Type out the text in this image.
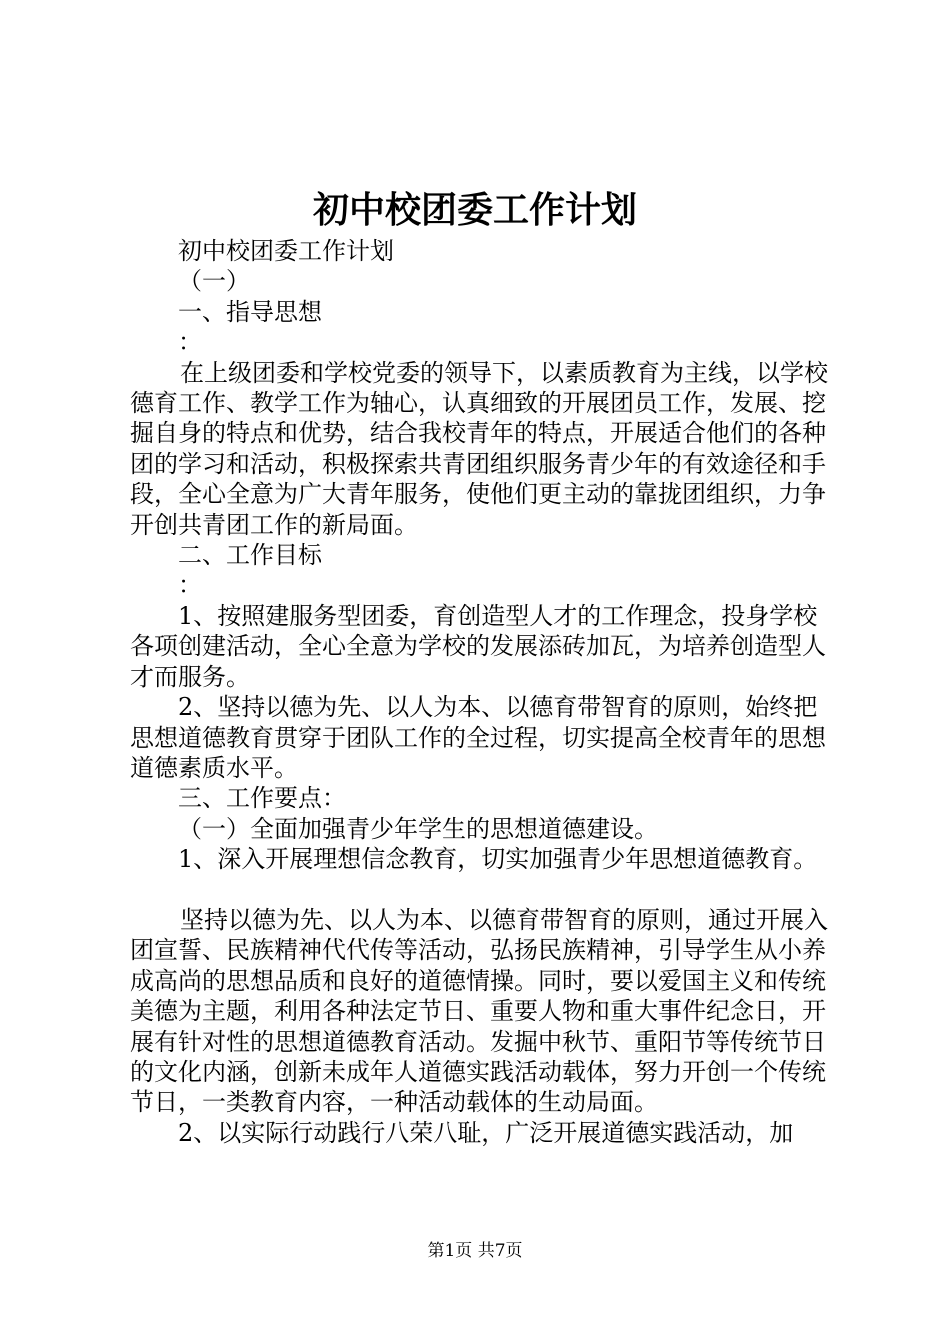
初中校团委工作计划

初中校团委工作计划

（一）

一、指导思想

：

在上级团委和学校党委的领导下，以素质教育为主线，以学校德育工作、教学工作为轴心，认真细致的开展团员工作，发展、挖掘自身的特点和优势，结合我校青年的特点，开展适合他们的各种团的学习和活动，积极探索共青团组织服务青少年的有效途径和手段，全心全意为广大青年服务，使他们更主动的靠拢团组织，力争开创共青团工作的新局面。

二、工作目标

：

1、按照建服务型团委，育创造型人才的工作理念，投身学校各项创建活动，全心全意为学校的发展添砖加瓦，为培养创造型人才而服务。

2、坚持以德为先、以人为本、以德育带智育的原则，始终把思想道德教育贯穿于团队工作的全过程，切实提高全校青年的思想道德素质水平。

三、工作要点：

（一）全面加强青少年学生的思想道德建设。

1、深入开展理想信念教育，切实加强青少年思想道德教育。

坚持以德为先、以人为本、以德育带智育的原则，通过开展入团宣誓、民族精神代代传等活动，弘扬民族精神，引导学生从小养成高尚的思想品质和良好的道德情操。同时，要以爱国主义和传统美德为主题，利用各种法定节日、重要人物和重大事件纪念日，开展有针对性的思想道德教育活动。发掘中秋节、重阳节等传统节日的文化内涵，创新未成年人道德实践活动载体，努力开创一个传统节日，一类教育内容，一种活动载体的生动局面。

2、以实际行动践行八荣八耻，广泛开展道德实践活动，加

第1页 共7页
